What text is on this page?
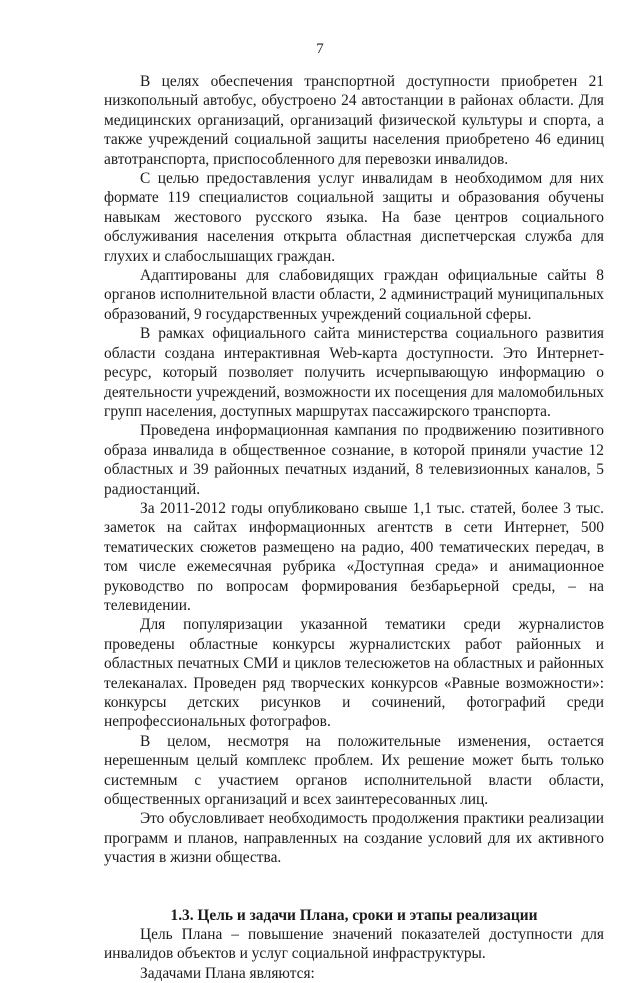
7

В целях обеспечения транспортной доступности приобретен 21 низкопольный автобус, обустроено 24 автостанции в районах области. Для медицинских организаций, организаций физической культуры и спорта, а также учреждений социальной защиты населения приобретено 46 единиц автотранспорта, приспособленного для перевозки инвалидов.

С целью предоставления услуг инвалидам в необходимом для них формате 119 специалистов социальной защиты и образования обучены навыкам жестового русского языка. На базе центров социального обслуживания населения открыта областная диспетчерская служба для глухих и слабослышащих граждан.

Адаптированы для слабовидящих граждан официальные сайты 8 органов исполнительной власти области, 2 администраций муниципальных образований, 9 государственных учреждений социальной сферы.

В рамках официального сайта министерства социального развития области создана интерактивная Web-карта доступности. Это Интернет-ресурс, который позволяет получить исчерпывающую информацию о деятельности учреждений, возможности их посещения для маломобильных групп населения, доступных маршрутах пассажирского транспорта.

Проведена информационная кампания по продвижению позитивного образа инвалида в общественное сознание, в которой приняли участие 12 областных и 39 районных печатных изданий, 8 телевизионных каналов, 5 радиостанций.

За 2011-2012 годы опубликовано свыше 1,1 тыс. статей, более 3 тыс. заметок на сайтах информационных агентств в сети Интернет, 500 тематических сюжетов размещено на радио, 400 тематических передач, в том числе ежемесячная рубрика «Доступная среда» и анимационное руководство по вопросам формирования безбарьерной среды, – на телевидении.

Для популяризации указанной тематики среди журналистов проведены областные конкурсы журналистских работ районных и областных печатных СМИ и циклов телесюжетов на областных и районных телеканалах. Проведен ряд творческих конкурсов «Равные возможности»: конкурсы детских рисунков и сочинений, фотографий среди непрофессиональных фотографов.

В целом, несмотря на положительные изменения, остается нерешенным целый комплекс проблем. Их решение может быть только системным с участием органов исполнительной власти области, общественных организаций и всех заинтересованных лиц.

Это обусловливает необходимость продолжения практики реализации программ и планов, направленных на создание условий для их активного участия в жизни общества.

1.3. Цель и задачи Плана, сроки и этапы реализации

Цель Плана – повышение значений показателей доступности для инвалидов объектов и услуг социальной инфраструктуры.

Задачами Плана являются:
